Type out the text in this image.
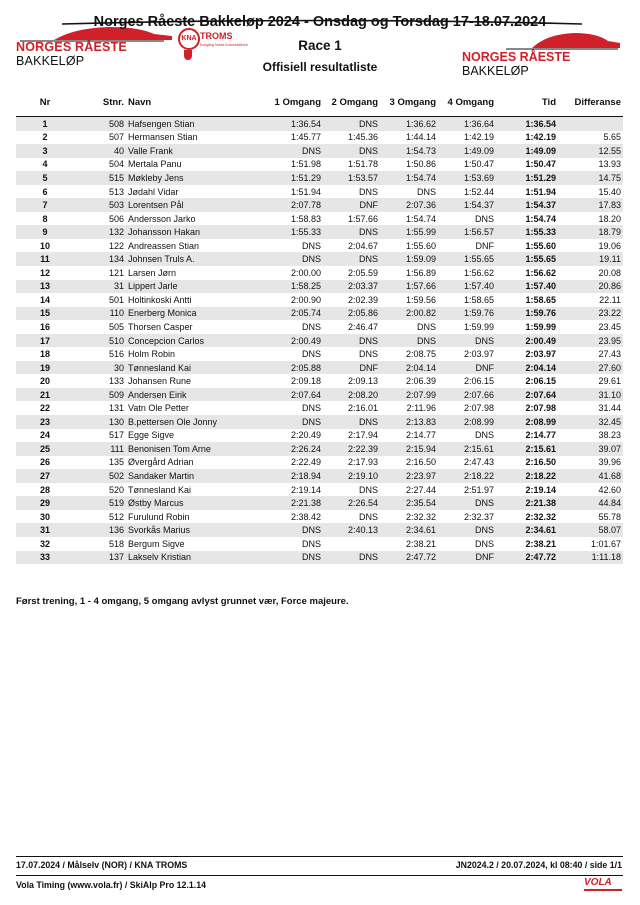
NORGES RÅESTE BAKKELØP
KNA TROMS
Kongelig Norsk Automobilklub
NORGES RÅESTE BAKKELØP
Norges Råeste Bakkeløp 2024 - Onsdag og Torsdag 17-18.07.2024
Race 1
Offisiell resultatliste
Nr	Stnr.	Navn	1 Omgang	2 Omgang	3 Omgang	4 Omgang	Tid	Differanse

1	508	Hafsengen Stian	1:36.54	DNS	1:36.62	1:36.64	1:36.54	
2	507	Hermansen Stian	1:45.77	1:45.36	1:44.14	1:42.19	1:42.19	5.65
3	40	Valle Frank	DNS	DNS	1:54.73	1:49.09	1:49.09	12.55
4	504	Mertala Panu	1:51.98	1:51.78	1:50.86	1:50.47	1:50.47	13.93
5	515	Møkleby Jens	1:51.29	1:53.57	1:54.74	1:53.69	1:51.29	14.75
6	513	Jødahl Vidar	1:51.94	DNS	DNS	1:52.44	1:51.94	15.40
7	503	Lorentsen Pål	2:07.78	DNF	2:07.36	1:54.37	1:54.37	17.83
8	506	Andersson Jarko	1:58.83	1:57.66	1:54.74	DNS	1:54.74	18.20
9	132	Johansson Hakan	1:55.33	DNS	1:55.99	1:56.57	1:55.33	18.79
10	122	Andreassen Stian	DNS	2:04.67	1:55.60	DNF	1:55.60	19.06
11	134	Johnsen Truls A.	DNS	DNS	1:59.09	1:55.65	1:55.65	19.11
12	121	Larsen Jørn	2:00.00	2:05.59	1:56.89	1:56.62	1:56.62	20.08
13	31	Lippert Jarle	1:58.25	2:03.37	1:57.66	1:57.40	1:57.40	20.86
14	501	Holtinkoski Antti	2:00.90	2:02.39	1:59.56	1:58.65	1:58.65	22.11
15	110	Enerberg Monica	2:05.74	2:05.86	2:00.82	1:59.76	1:59.76	23.22
16	505	Thorsen Casper	DNS	2:46.47	DNS	1:59.99	1:59.99	23.45
17	510	Concepcion Carlos	2:00.49	DNS	DNS	DNS	2:00.49	23.95
18	516	Holm Robin	DNS	DNS	2:08.75	2:03.97	2:03.97	27.43
19	30	Tønnesland Kai	2:05.88	DNF	2:04.14	DNF	2:04.14	27.60
20	133	Johansen Rune	2:09.18	2:09.13	2:06.39	2:06.15	2:06.15	29.61
21	509	Andersen Eirik	2:07.64	2:08.20	2:07.99	2:07.66	2:07.64	31.10
22	131	Vatn Ole Petter	DNS	2:16.01	2:11.96	2:07.98	2:07.98	31.44
23	130	B.pettersen Ole Jonny	DNS	DNS	2:13.83	2:08.99	2:08.99	32.45
24	517	Egge Sigve	2:20.49	2:17.94	2:14.77	DNS	2:14.77	38.23
25	111	Benonisen Tom Arne	2:26.24	2:22.39	2:15.94	2:15.61	2:15.61	39.07
26	135	Øvergård Adrian	2:22.49	2:17.93	2:16.50	2:47.43	2:16.50	39.96
27	502	Sandaker Martin	2:18.94	2:19.10	2:23.97	2:18.22	2:18.22	41.68
28	520	Tønnesland Kai	2:19.14	DNS	2:27.44	2:51.97	2:19.14	42.60
29	519	Østby Marcus	2:21.38	2:26.54	2:35.54	DNS	2:21.38	44.84
30	512	Furulund Robin	2:38.42	DNS	2:32.32	2:32.37	2:32.32	55.78
31	136	Svorkås Marius	DNS	2:40.13	2:34.61	DNS	2:34.61	58.07
32	518	Bergum Sigve	DNS		2:38.21	DNS	2:38.21	1:01.67
33	137	Lakselv Kristian	DNS	DNS	2:47.72	DNF	2:47.72	1:11.18
Først trening, 1 - 4 omgang, 5 omgang avlyst grunnet vær, Force majeure.
17.07.2024 / Målselv (NOR) / KNA TROMS	JN2024.2 / 20.07.2024, kl 08:40 / side 1/1
Vola Timing (www.vola.fr) / SkiAlp Pro 12.1.14	VOLA
